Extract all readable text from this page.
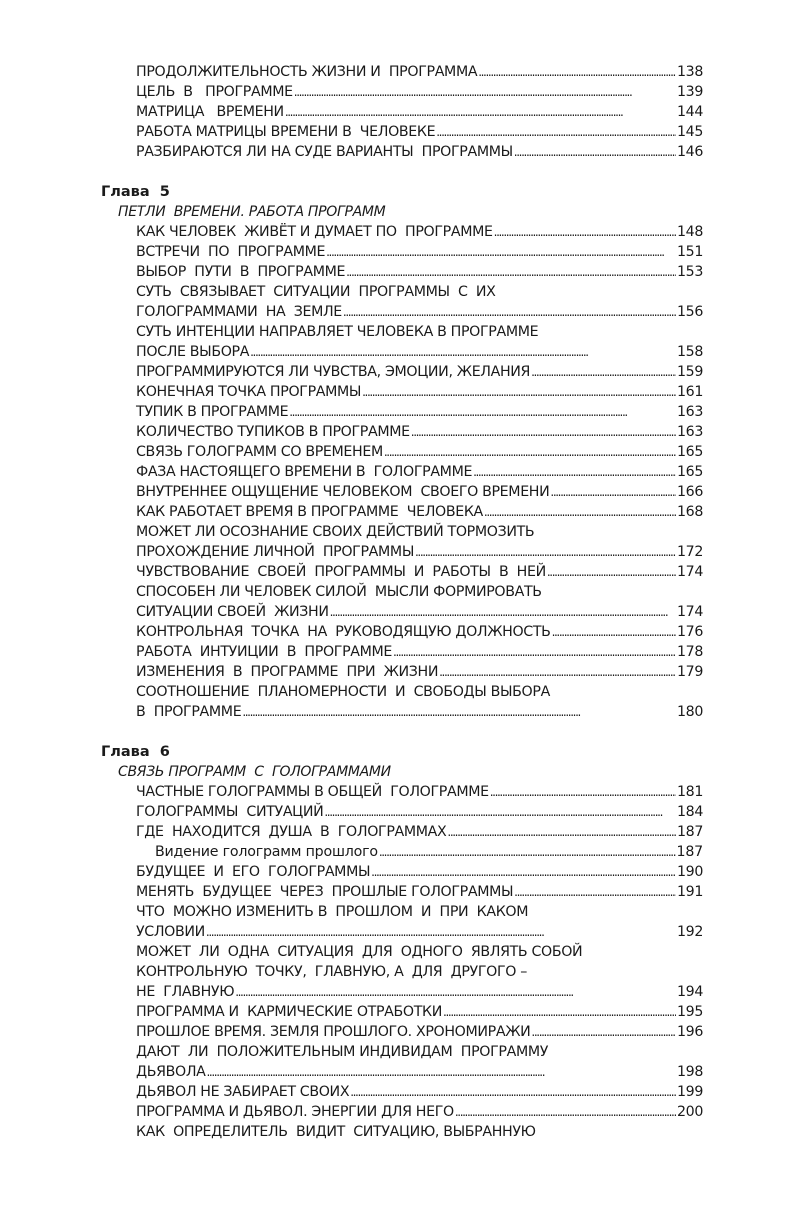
ПРОДОЛЖИТЕЛЬНОСТЬ ЖИЗНИ И  ПРОГРАММА . . .	138
ЦЕЛЬ  В   ПРОГРАММЕ . . .	139
МАТРИЦА   ВРЕМЕНИ . . .	144
РАБОТА МАТРИЦЫ ВРЕМЕНИ В  ЧЕЛОВЕКЕ . . .	145
РАЗБИРАЮТСЯ ЛИ НА СУДЕ ВАРИАНТЫ  ПРОГРАММЫ . . .	146
Глава  5
ПЕТЛИ  ВРЕМЕНИ. РАБОТА ПРОГРАММ
КАК ЧЕЛОВЕК  ЖИВЁТ И ДУМАЕТ ПО  ПРОГРАММЕ . . .	148
ВСТРЕЧИ  ПО  ПРОГРАММЕ . . .	151
ВЫБОР  ПУТИ  В  ПРОГРАММЕ . . .	153
СУТЬ  СВЯЗЫВАЕТ  СИТУАЦИИ  ПРОГРАММЫ  С  ИХ
ГОЛОГРАММАМИ  НА  ЗЕМЛЕ . . .	156
СУТЬ ИНТЕНЦИИ НАПРАВЛЯЕТ ЧЕЛОВЕКА В ПРОГРАММЕ
ПОСЛЕ ВЫБОРА . . .	158
ПРОГРАММИРУЮТСЯ ЛИ ЧУВСТВА, ЭМОЦИИ, ЖЕЛАНИЯ . . .	159
КОНЕЧНАЯ ТОЧКА ПРОГРАММЫ . . .	161
ТУПИК В ПРОГРАММЕ . . .	163
КОЛИЧЕСТВО ТУПИКОВ В ПРОГРАММЕ . . .	163
СВЯЗЬ ГОЛОГРАММ СО ВРЕМЕНЕМ . . .	165
ФАЗА НАСТОЯЩЕГО ВРЕМЕНИ В  ГОЛОГРАММЕ . . .	165
ВНУТРЕННЕЕ ОЩУЩЕНИЕ ЧЕЛОВЕКОМ  СВОЕГО ВРЕМЕНИ . . .	166
КАК РАБОТАЕТ ВРЕМЯ В ПРОГРАММЕ  ЧЕЛОВЕКА . . .	168
МОЖЕТ ЛИ ОСОЗНАНИЕ СВОИХ ДЕЙСТВИЙ ТОРМОЗИТЬ
ПРОХОЖДЕНИЕ ЛИЧНОЙ  ПРОГРАММЫ . . .	172
ЧУВСТВОВАНИЕ  СВОЕЙ  ПРОГРАММЫ  И  РАБОТЫ  В  НЕЙ . . .	174
СПОСОБЕН ЛИ ЧЕЛОВЕК СИЛОЙ  МЫСЛИ ФОРМИРОВАТЬ
СИТУАЦИИ СВОЕЙ  ЖИЗНИ . . .	174
КОНТРОЛЬНАЯ  ТОЧКА  НА  РУКОВОДЯЩУЮ ДОЛЖНОСТЬ . . .	176
РАБОТА  ИНТУИЦИИ  В  ПРОГРАММЕ . . .	178
ИЗМЕНЕНИЯ  В  ПРОГРАММЕ  ПРИ  ЖИЗНИ . . .	179
СООТНОШЕНИЕ  ПЛАНОМЕРНОСТИ  И  СВОБОДЫ ВЫБОРА
В  ПРОГРАММЕ . . .	180
Глава  6
СВЯЗЬ ПРОГРАММ  С  ГОЛОГРАММАМИ
ЧАСТНЫЕ ГОЛОГРАММЫ В ОБЩЕЙ  ГОЛОГРАММЕ . . .	181
ГОЛОГРАММЫ  СИТУАЦИЙ . . .	184
ГДЕ  НАХОДИТСЯ  ДУША  В  ГОЛОГРАММАХ . . .	187
Видение голограмм прошлого . . .	187
БУДУЩЕЕ  И  ЕГО  ГОЛОГРАММЫ . . .	190
МЕНЯТЬ  БУДУЩЕЕ  ЧЕРЕЗ  ПРОШЛЫЕ ГОЛОГРАММЫ . . .	191
ЧТО  МОЖНО ИЗМЕНИТЬ В  ПРОШЛОМ  И  ПРИ  КАКОМ
УСЛОВИИ . . .	192
МОЖЕТ  ЛИ  ОДНА  СИТУАЦИЯ  ДЛЯ  ОДНОГО  ЯВЛЯТЬ СОБОЙ
КОНТРОЛЬНУЮ  ТОЧКУ,  ГЛАВНУЮ, А  ДЛЯ  ДРУГОГО –
НЕ  ГЛАВНУЮ . . .	194
ПРОГРАММА И  КАРМИЧЕСКИЕ ОТРАБОТКИ . . .	195
ПРОШЛОЕ ВРЕМЯ. ЗЕМЛЯ ПРОШЛОГО. ХРОНОМИРАЖИ . . .	196
ДАЮТ  ЛИ  ПОЛОЖИТЕЛЬНЫМ ИНДИВИДАМ  ПРОГРАММУ
ДЬЯВОЛА . . .	198
ДЬЯВОЛ НЕ ЗАБИРАЕТ СВОИХ . . .	199
ПРОГРАММА И ДЬЯВОЛ. ЭНЕРГИИ ДЛЯ НЕГО . . .	200
КАК  ОПРЕДЕЛИТЕЛЬ  ВИДИТ  СИТУАЦИЮ, ВЫБРАННУЮ
